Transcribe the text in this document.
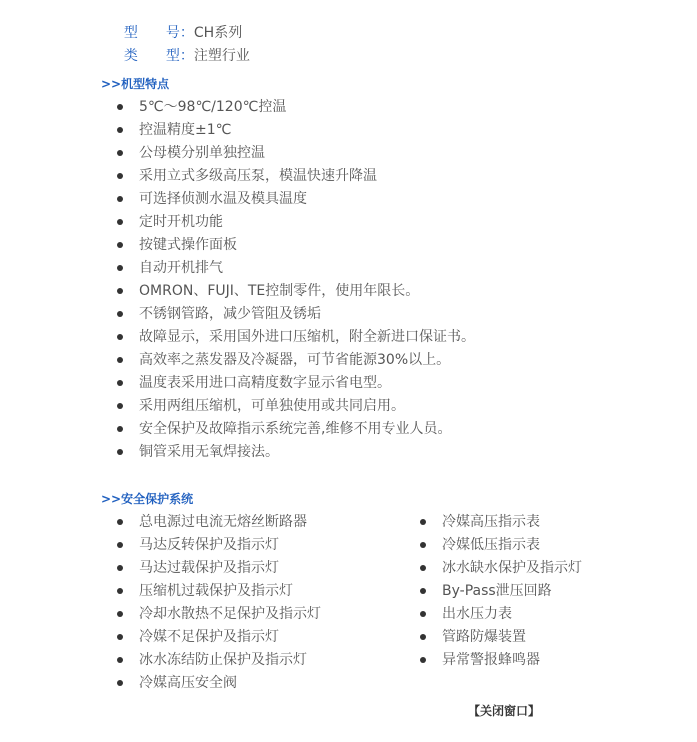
型　　号：CH系列

类　　型：注塑行业

>>机型特点
5℃～98℃/120℃控温
控温精度±1℃
公母模分别单独控温
采用立式多级高压泵，模温快速升降温
可选择侦测水温及模具温度
定时开机功能
按键式操作面板
自动开机排气
OMRON、FUJI、TE控制零件，使用年限长。
不锈钢管路，减少管阻及锈垢
故障显示，采用国外进口压缩机，附全新进口保证书。
高效率之蒸发器及冷凝器，可节省能源30%以上。
温度表采用进口高精度数字显示省电型。
采用两组压缩机，可单独使用或共同启用。
安全保护及故障指示系统完善,维修不用专业人员。
铜管采用无氧焊接法。
>>安全保护系统
总电源过电流无熔丝断路器
马达反转保护及指示灯
马达过载保护及指示灯
压缩机过载保护及指示灯
冷却水散热不足保护及指示灯
冷媒不足保护及指示灯
冰水冻结防止保护及指示灯
冷媒高压安全阀
冷媒高压指示表
冷媒低压指示表
冰水缺水保护及指示灯
By-Pass泄压回路
出水压力表
管路防爆装置
异常警报蜂鸣器
【关闭窗口】
